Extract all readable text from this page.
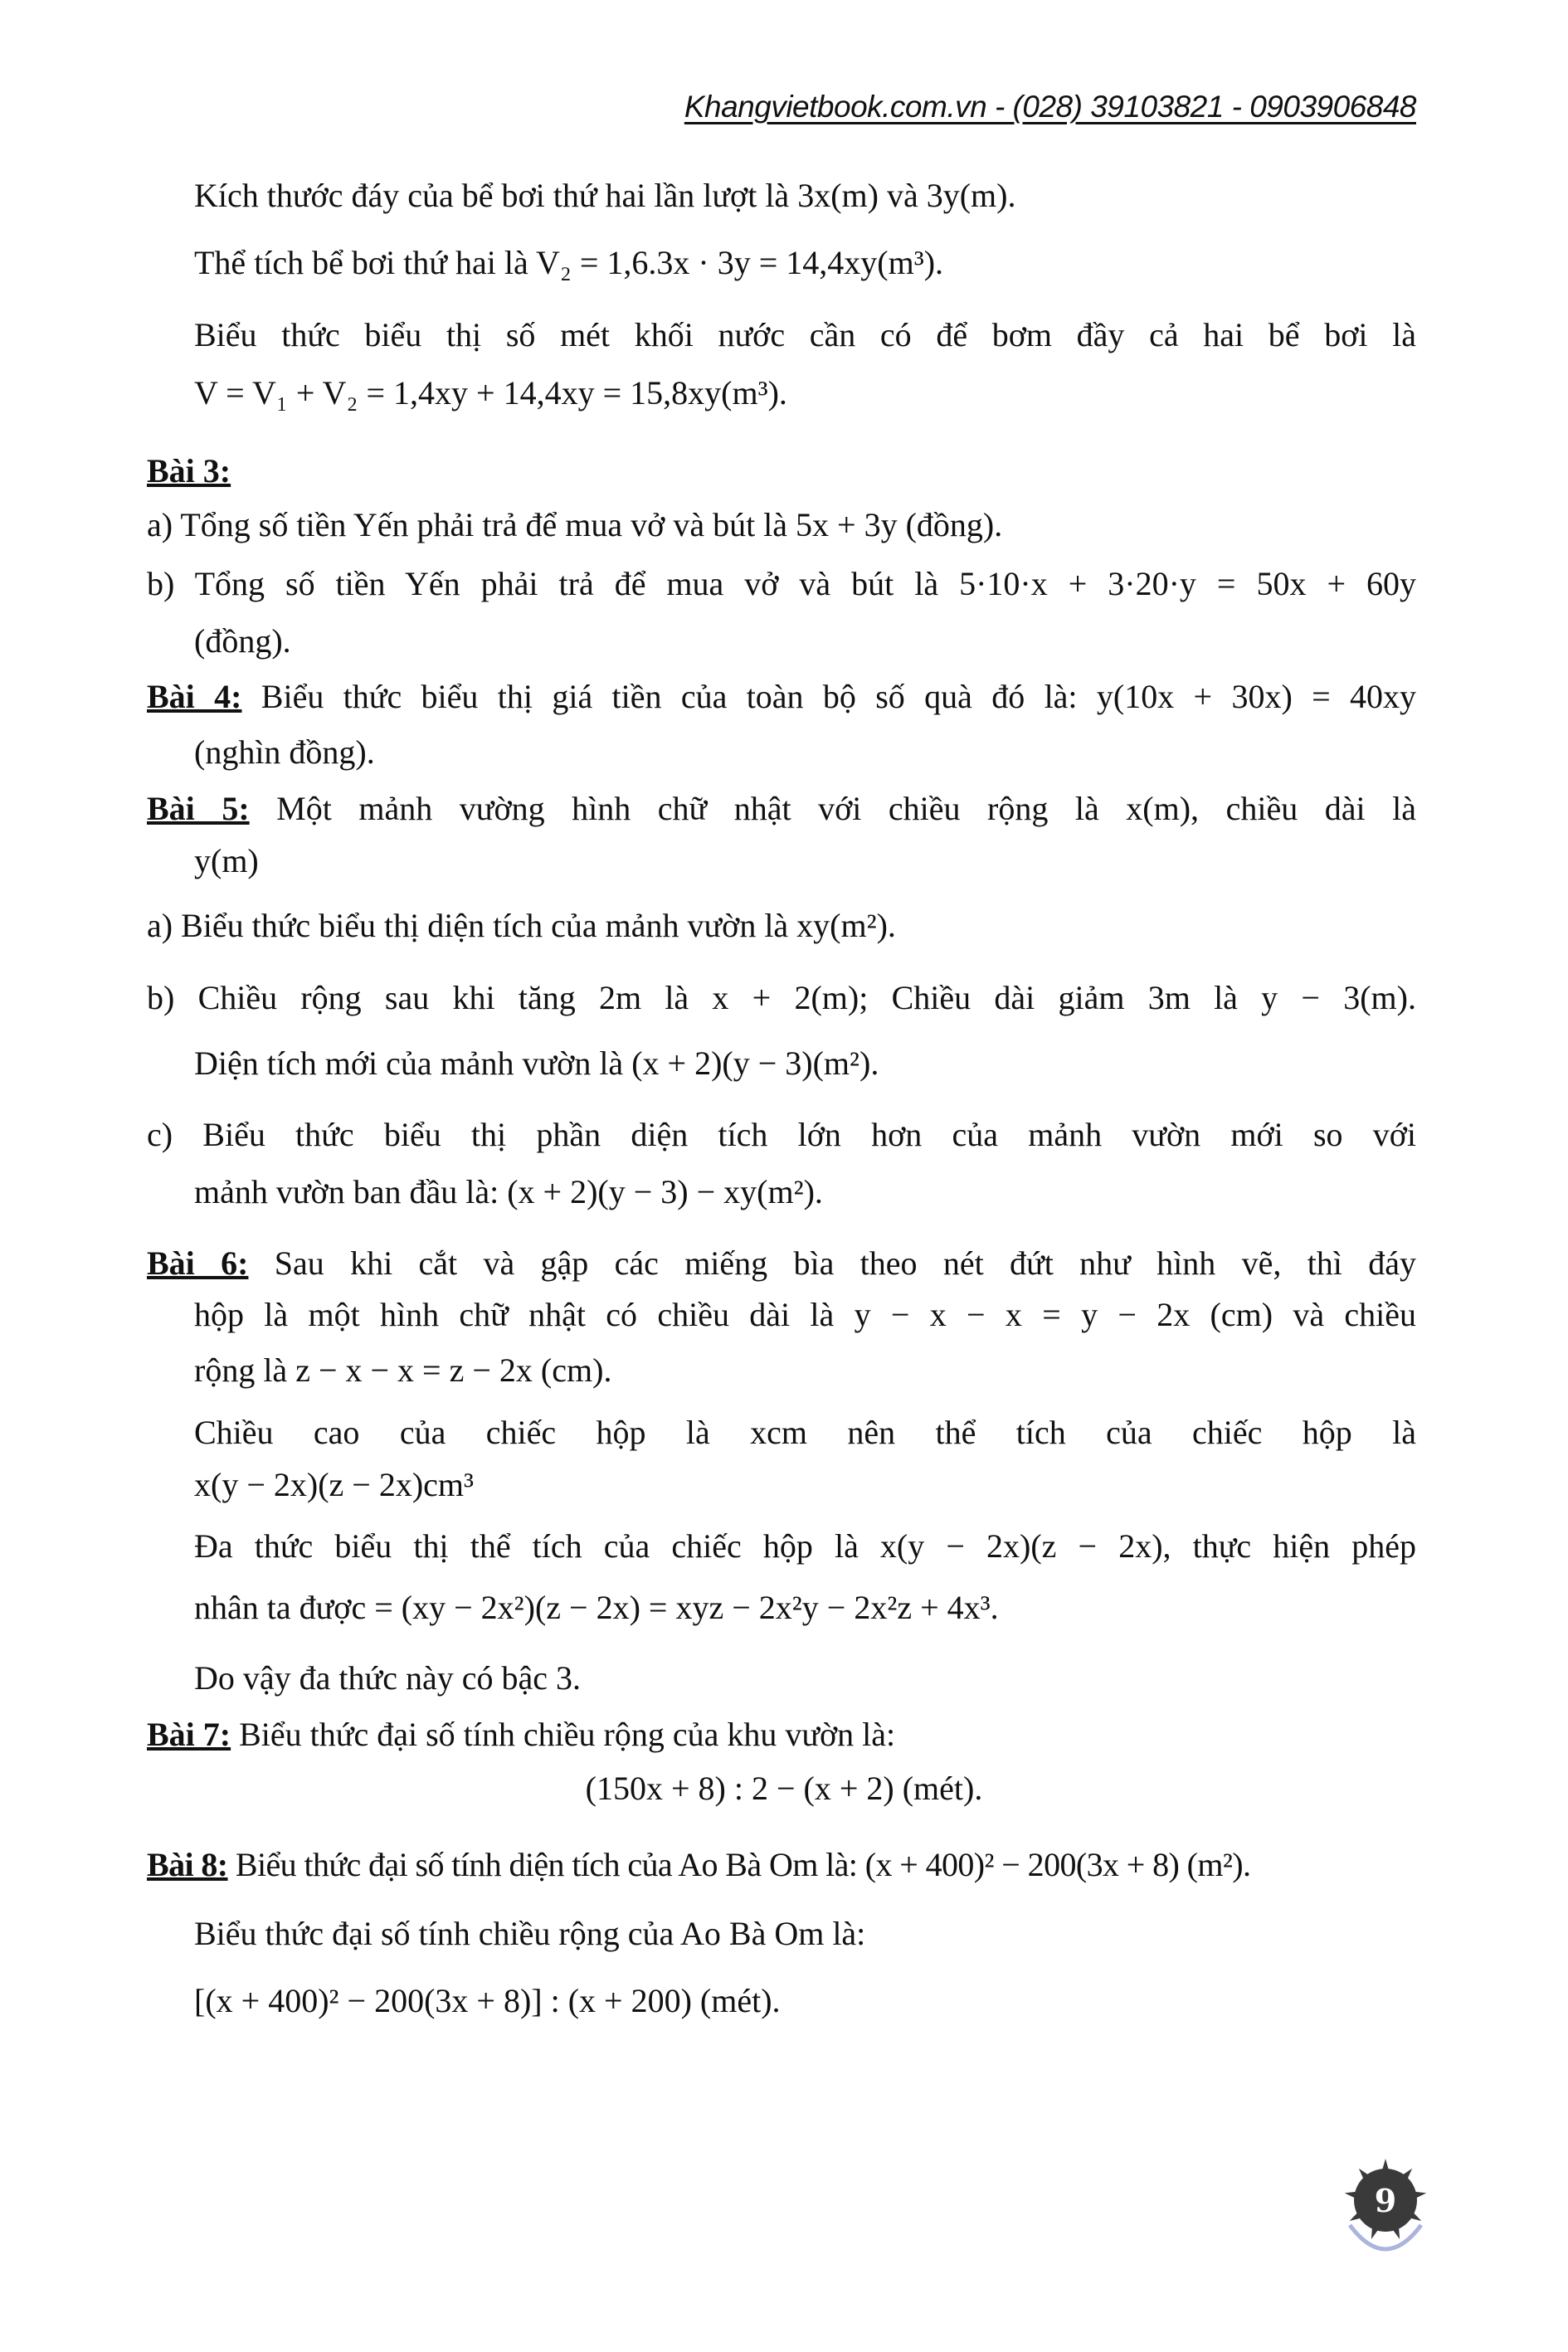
Khangvietbook.com.vn - (028) 39103821 - 0903906848
Kích thước đáy của bể bơi thứ hai lần lượt là 3x(m) và 3y(m).
Thể tích bể bơi thứ hai là V₂ = 1,6.3x · 3y = 14,4xy(m³).
Biểu thức biểu thị số mét khối nước cần có để bơm đầy cả hai bể bơi là
V = V₁ + V₂ = 1,4xy + 14,4xy = 15,8xy(m³).
Bài 3:
a) Tổng số tiền Yến phải trả để mua vở và bút là 5x + 3y (đồng).
b) Tổng số tiền Yến phải trả để mua vở và bút là 5·10·x + 3·20·y = 50x + 60y
(đồng).
Bài 4: Biểu thức biểu thị giá tiền của toàn bộ số quà đó là: y(10x + 30x) = 40xy
(nghìn đồng).
Bài 5: Một mảnh vường hình chữ nhật với chiều rộng là x(m), chiều dài là
y(m)
a) Biểu thức biểu thị diện tích của mảnh vườn là xy(m²).
b) Chiều rộng sau khi tăng 2m là x + 2(m); Chiều dài giảm 3m là y − 3(m).
Diện tích mới của mảnh vườn là (x + 2)(y − 3)(m²).
c) Biểu thức biểu thị phần diện tích lớn hơn của mảnh vườn mới so với
mảnh vườn ban đầu là: (x + 2)(y − 3) − xy(m²).
Bài 6: Sau khi cắt và gập các miếng bìa theo nét đứt như hình vẽ, thì đáy
hộp là một hình chữ nhật có chiều dài là y − x − x = y − 2x (cm) và chiều
rộng là z − x − x = z − 2x (cm).
Chiều cao của chiếc hộp là xcm nên thể tích của chiếc hộp là
x(y − 2x)(z − 2x)cm³
Đa thức biểu thị thể tích của chiếc hộp là x(y − 2x)(z − 2x), thực hiện phép
nhân ta được = (xy − 2x²)(z − 2x) = xyz − 2x²y − 2x²z + 4x³.
Do vậy đa thức này có bậc 3.
Bài 7: Biểu thức đại số tính chiều rộng của khu vườn là:
(150x + 8) : 2 − (x + 2) (mét).
Bài 8: Biểu thức đại số tính diện tích của Ao Bà Om là: (x + 400)² − 200(3x + 8) (m²).
Biểu thức đại số tính chiều rộng của Ao Bà Om là:
[(x + 400)² − 200(3x + 8)] : (x + 200) (mét).
9
